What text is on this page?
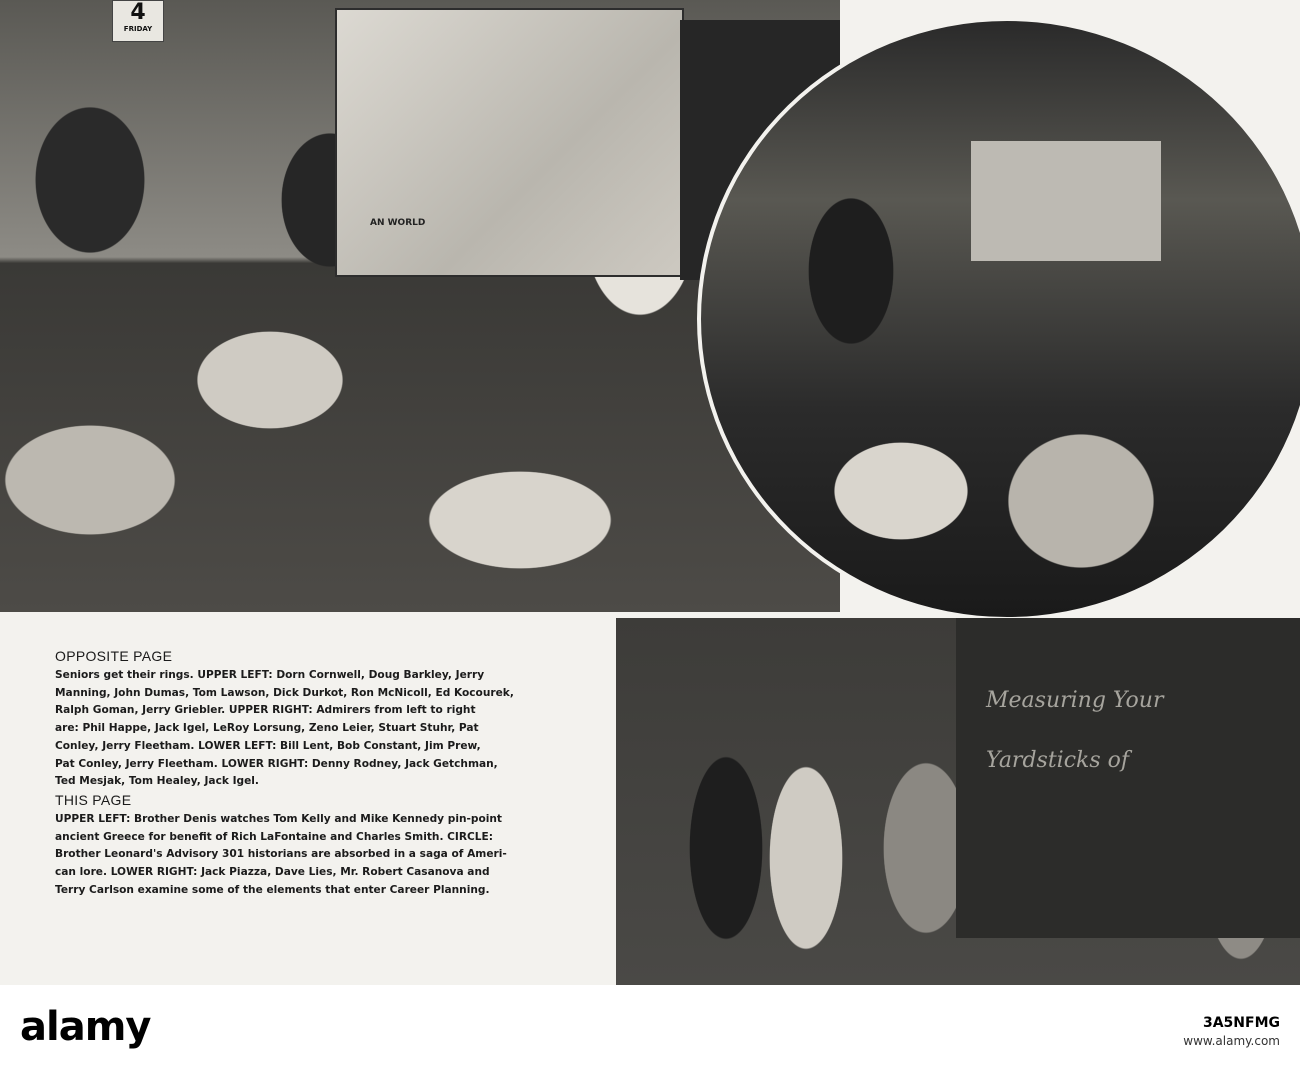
4
FRIDAY
AN WORLD
Measuring Your
Yardsticks of
OPPOSITE PAGE
Seniors get their rings. UPPER LEFT: Dorn Cornwell, Doug Barkley, Jerry
Manning, John Dumas, Tom Lawson, Dick Durkot, Ron McNicoll, Ed Kocourek,
Ralph Goman, Jerry Griebler. UPPER RIGHT: Admirers from left to right
are: Phil Happe, Jack Igel, LeRoy Lorsung, Zeno Leier, Stuart Stuhr, Pat
Conley, Jerry Fleetham. LOWER LEFT: Bill Lent, Bob Constant, Jim Prew,
Pat Conley, Jerry Fleetham. LOWER RIGHT: Denny Rodney, Jack Getchman,
Ted Mesjak, Tom Healey, Jack Igel.
THIS PAGE
UPPER LEFT: Brother Denis watches Tom Kelly and Mike Kennedy pin-point
ancient Greece for benefit of Rich LaFontaine and Charles Smith. CIRCLE:
Brother Leonard's Advisory 301 historians are absorbed in a saga of Ameri-
can lore. LOWER RIGHT: Jack Piazza, Dave Lies, Mr. Robert Casanova and
Terry Carlson examine some of the elements that enter Career Planning.
alamy	3A5NFMG
www.alamy.com
